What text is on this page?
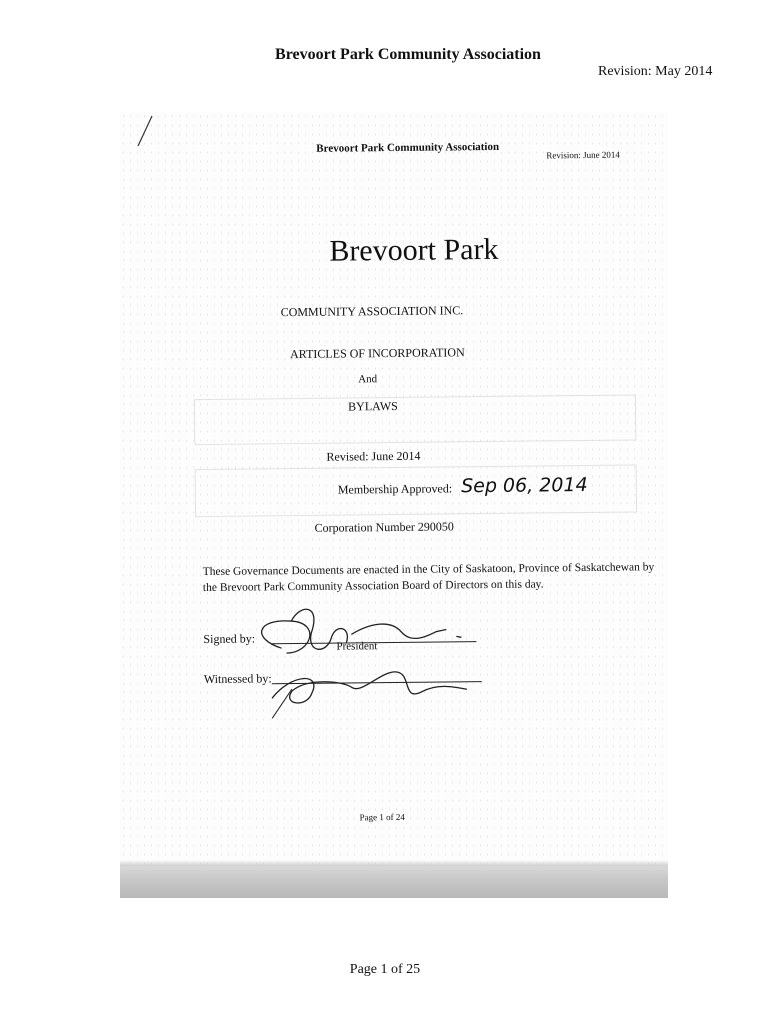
Brevoort Park Community Association
Revision: May 2014
Brevoort Park Community Association
Revision: June 2014
Brevoort Park
COMMUNITY ASSOCIATION INC.
ARTICLES OF INCORPORATION
And
BYLAWS
Revised: June 2014
Membership Approved: Sep 06, 2014
Corporation Number 290050
These Governance Documents are enacted in the City of Saskatoon, Province of Saskatchewan by the Brevoort Park Community Association Board of Directors on this day.
Signed by:
President
Witnessed by:
Page 1 of 24
Page 1 of 25
